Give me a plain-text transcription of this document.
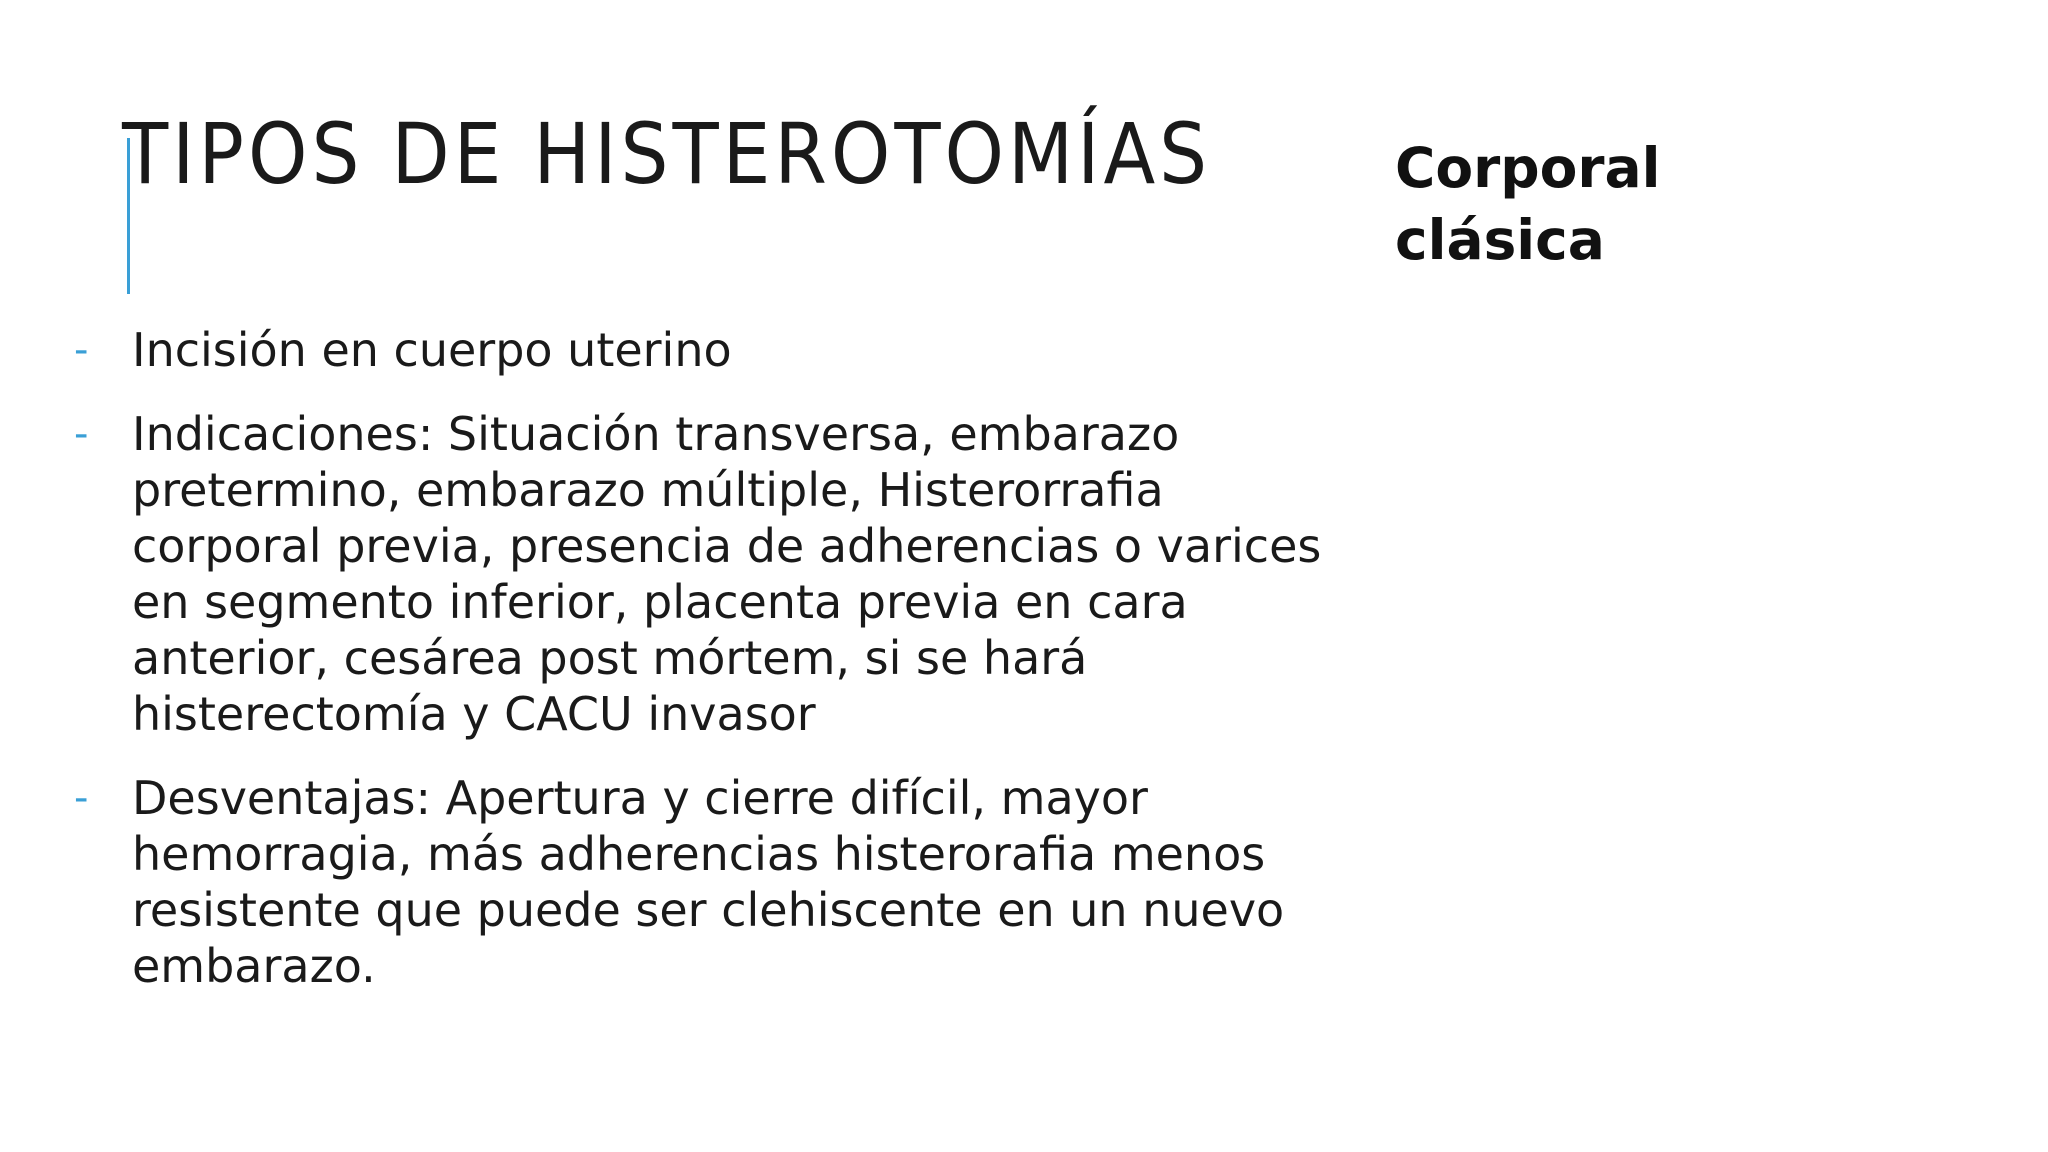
TIPOS DE HISTEROTOMÍAS	Corporal clásica
- Incisión en cuerpo uterino
- Indicaciones: Situación transversa, embarazo pretermino, embarazo múltiple, Histerorrafia corporal previa, presencia de adherencias o varices en segmento inferior, placenta previa en cara anterior, cesárea post mórtem, si se hará histerectomía y CACU invasor
- Desventajas: Apertura y cierre difícil, mayor hemorragia, más adherencias histerorafia menos resistente que puede ser clehiscente en un nuevo embarazo.
